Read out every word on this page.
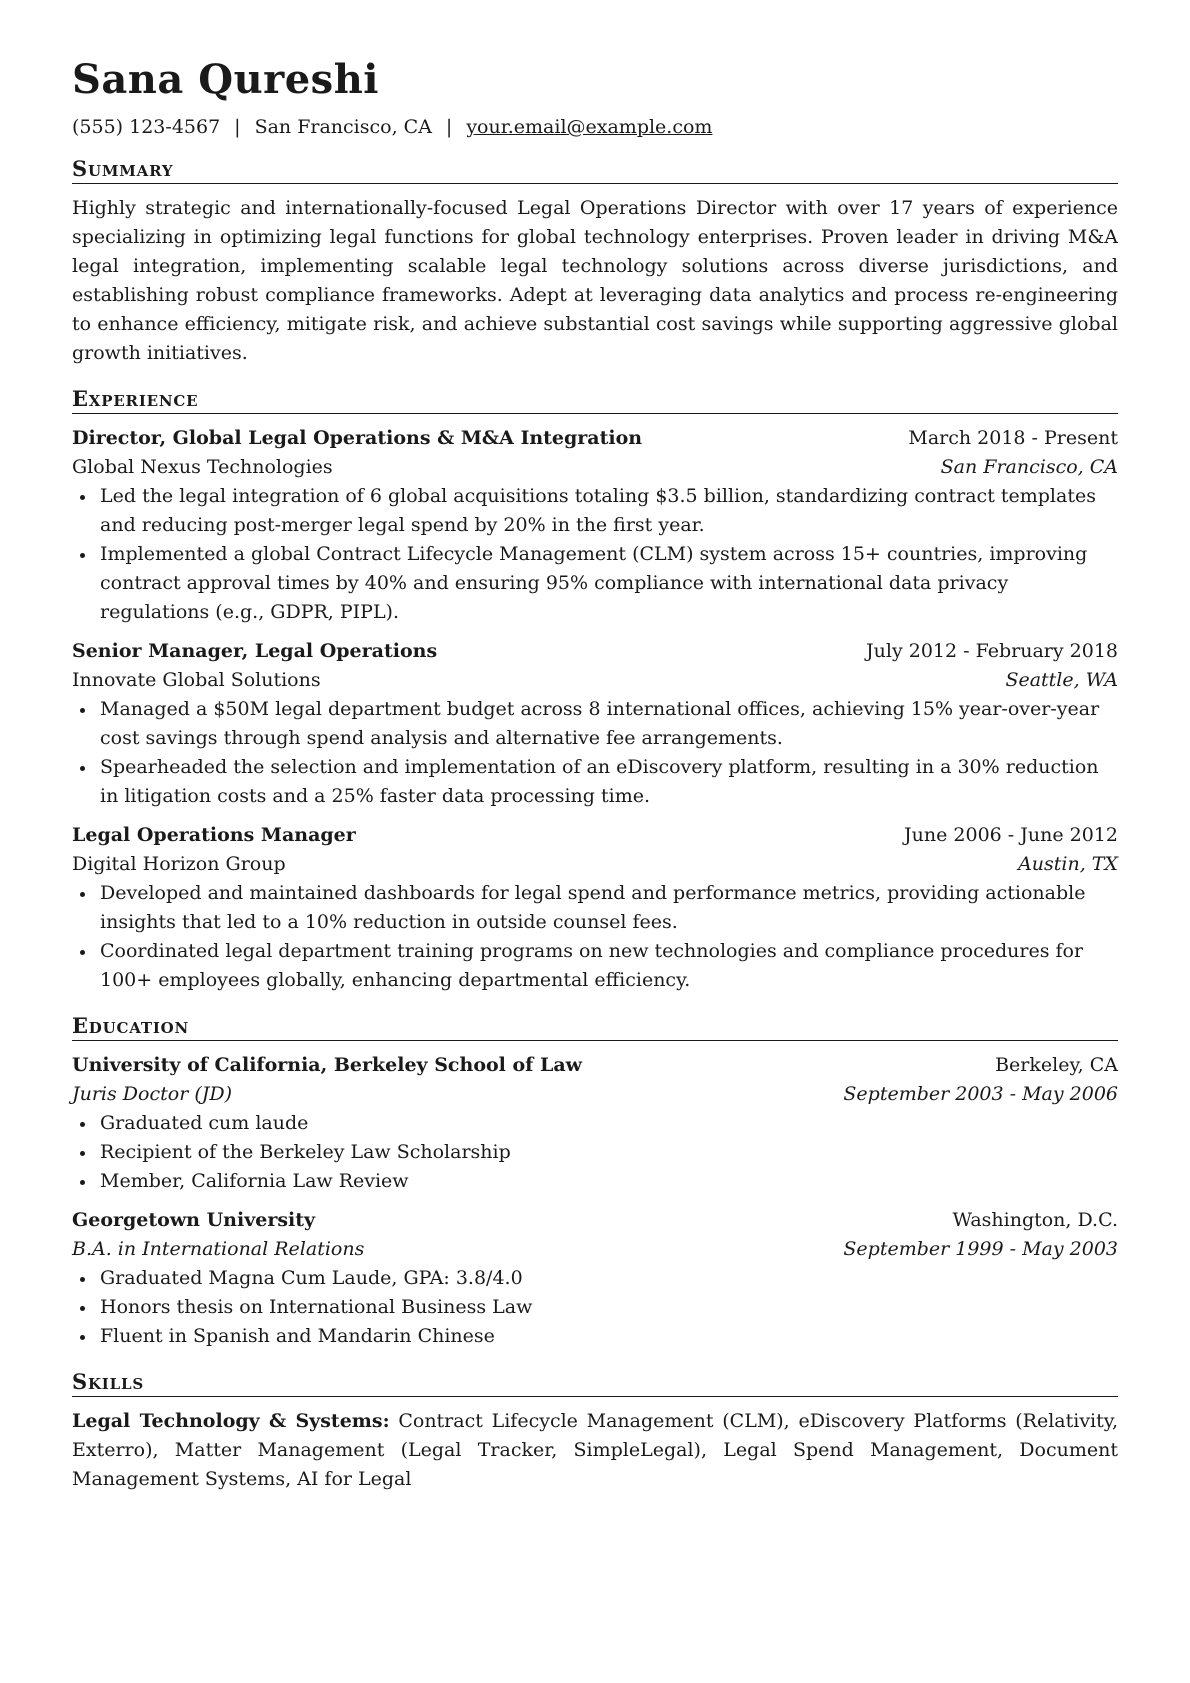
Sana Qureshi
(555) 123-4567 | San Francisco, CA | your.email@example.com
Summary

Highly strategic and internationally-focused Legal Operations Director with over 17 years of experience specializing in optimizing legal functions for global technology enterprises. Proven leader in driving M&A legal integration, implementing scalable legal technology solutions across diverse jurisdictions, and establishing robust compliance frameworks. Adept at leveraging data analytics and process re-engineering to enhance efficiency, mitigate risk, and achieve substantial cost savings while supporting aggressive global growth initiatives.

Experience
Director, Global Legal Operations & M&A Integration	March 2018 - Present
Global Nexus Technologies	San Francisco, CA
Led the legal integration of 6 global acquisitions totaling $3.5 billion, standardizing contract templates and reducing post-merger legal spend by 20% in the first year.
Implemented a global Contract Lifecycle Management (CLM) system across 15+ countries, improving contract approval times by 40% and ensuring 95% compliance with international data privacy regulations (e.g., GDPR, PIPL).
Senior Manager, Legal Operations	July 2012 - February 2018
Innovate Global Solutions	Seattle, WA
Managed a $50M legal department budget across 8 international offices, achieving 15% year-over-year cost savings through spend analysis and alternative fee arrangements.
Spearheaded the selection and implementation of an eDiscovery platform, resulting in a 30% reduction in litigation costs and a 25% faster data processing time.
Legal Operations Manager	June 2006 - June 2012
Digital Horizon Group	Austin, TX
Developed and maintained dashboards for legal spend and performance metrics, providing actionable insights that led to a 10% reduction in outside counsel fees.
Coordinated legal department training programs on new technologies and compliance procedures for 100+ employees globally, enhancing departmental efficiency.
Education
University of California, Berkeley School of Law	Berkeley, CA
Juris Doctor (JD)	September 2003 - May 2006
Graduated cum laude
Recipient of the Berkeley Law Scholarship
Member, California Law Review
Georgetown University	Washington, D.C.
B.A. in International Relations	September 1999 - May 2003
Graduated Magna Cum Laude, GPA: 3.8/4.0
Honors thesis on International Business Law
Fluent in Spanish and Mandarin Chinese
Skills
Legal Technology & Systems: Contract Lifecycle Management (CLM), eDiscovery Platforms (Relativity, Exterro), Matter Management (Legal Tracker, SimpleLegal), Legal Spend Management, Document Management Systems, AI for Legal
